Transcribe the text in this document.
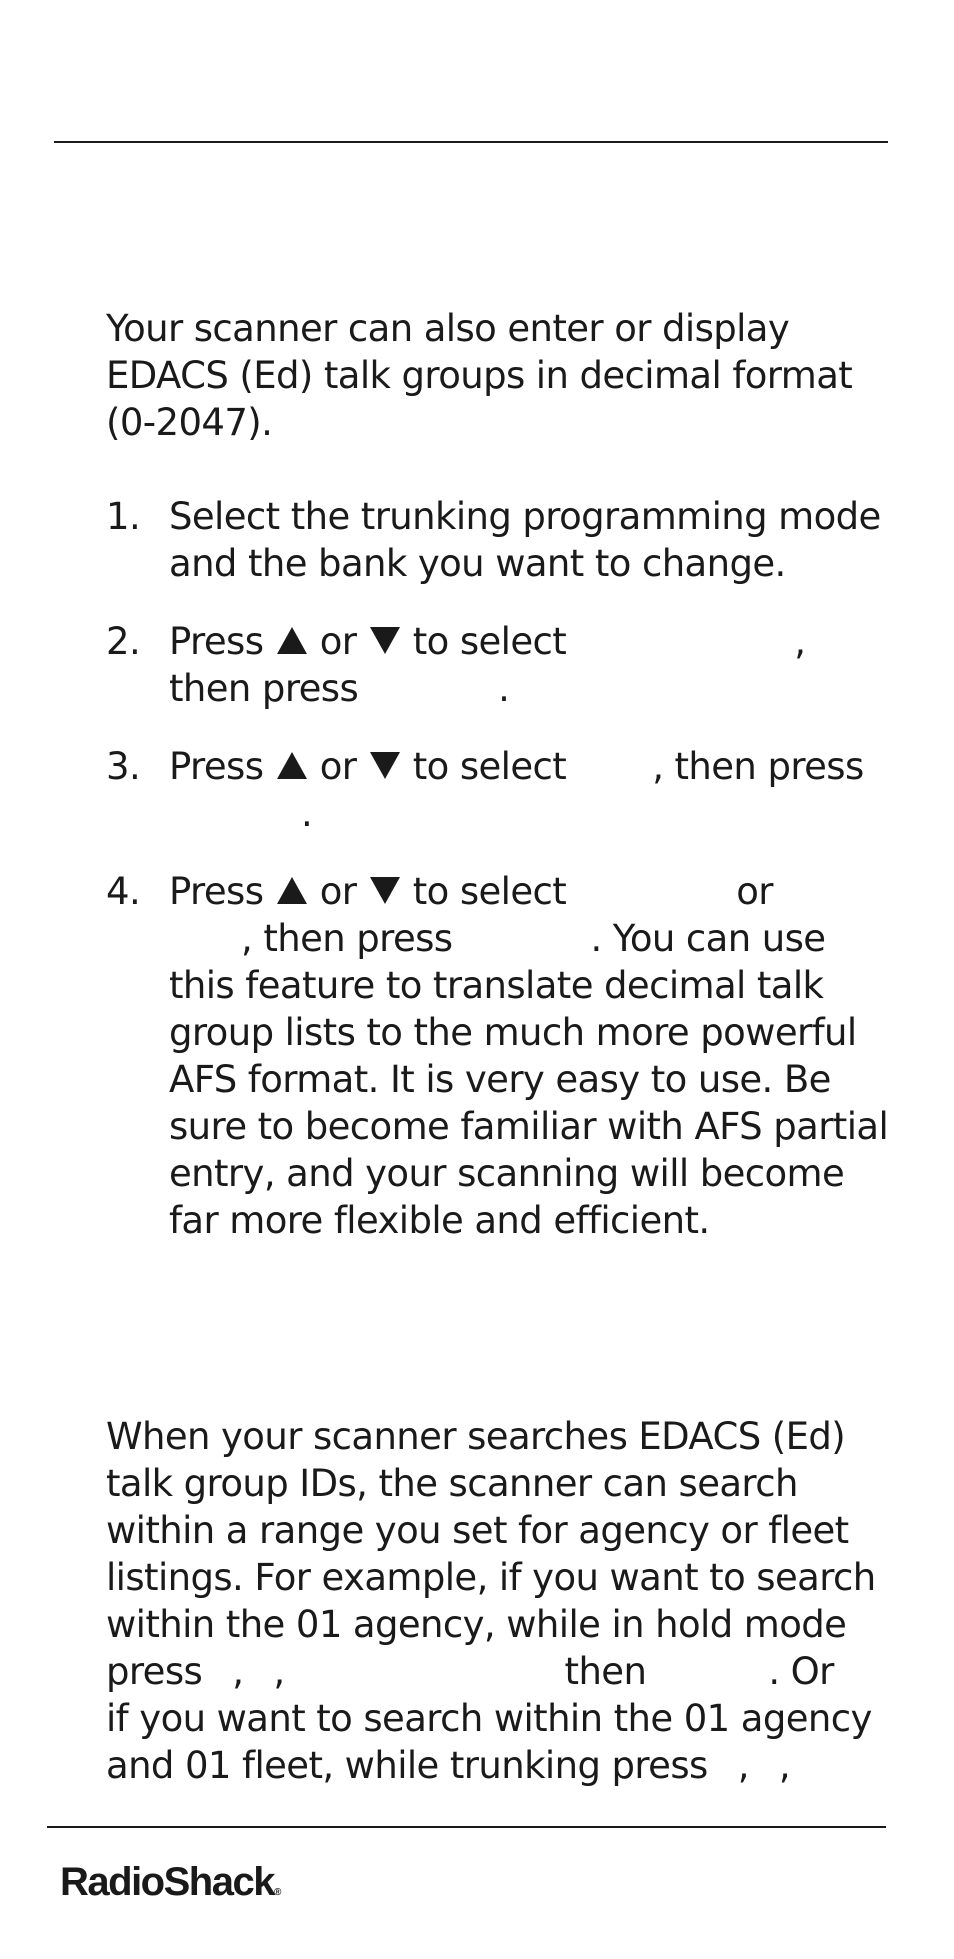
Your scanner can also enter or display
EDACS (Ed) talk groups in decimal format
(0-2047).
1. Select the trunking programming mode
and the bank you want to change.
2. Press or to select	,
then press	.
3. Press or to select , then press
.
4. Press or to select	or
, then press	. You can use
this feature to translate decimal talk
group lists to the much more powerful
AFS format. It is very easy to use. Be
sure to become familiar with AFS partial
entry, and your scanning will become
far more flexible and efficient.
When your scanner searches EDACS (Ed)
talk group IDs, the scanner can search
within a range you set for agency or fleet
listings. For example, if you want to search
within the 01 agency, while in hold mode
press , ,	then	. Or
if you want to search within the 01 agency
and 01 fleet, while trunking press , ,
RadioShack®
